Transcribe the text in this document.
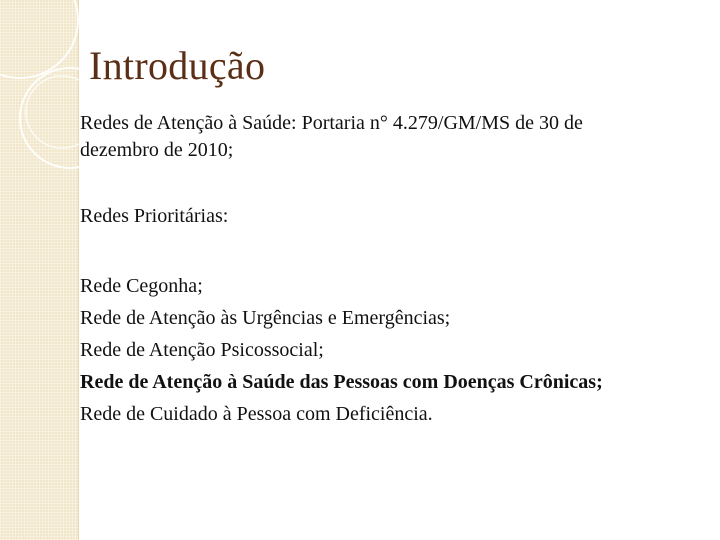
Introdução

Redes de Atenção à Saúde: Portaria n° 4.279/GM/MS de 30 de

dezembro de 2010;

Redes Prioritárias:

Rede Cegonha;

Rede de Atenção às Urgências e Emergências;

Rede de Atenção Psicossocial;

Rede de Atenção à Saúde das Pessoas com Doenças Crônicas;

Rede de Cuidado à Pessoa com Deficiência.
